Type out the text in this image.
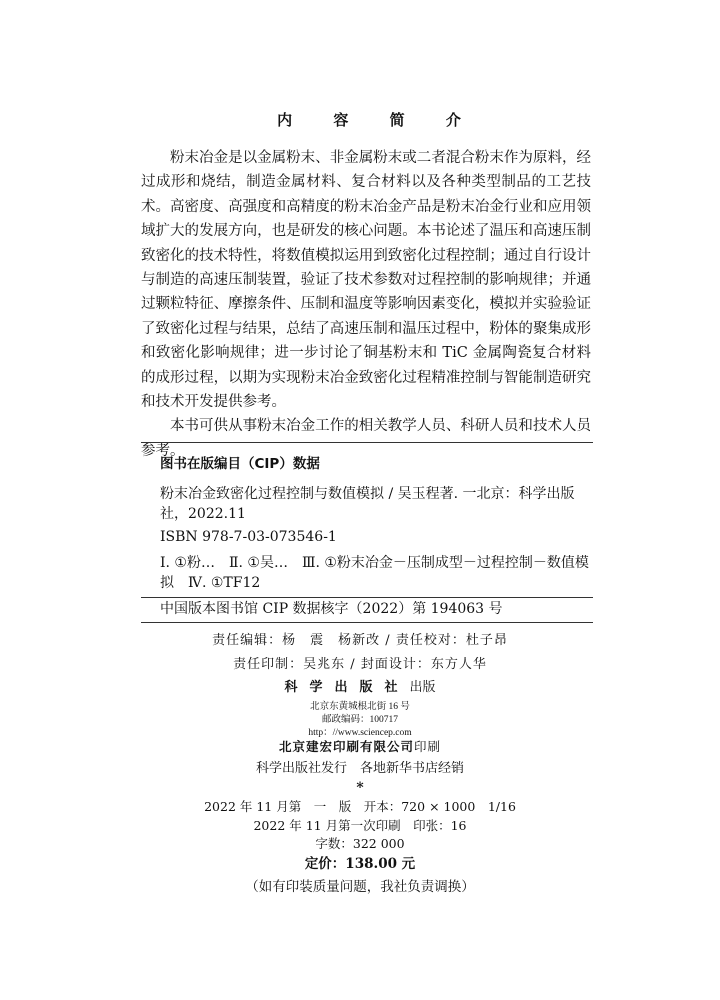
内 容 简 介

粉末冶金是以金属粉末、非金属粉末或二者混合粉末作为原料，经过成形和烧结，制造金属材料、复合材料以及各种类型制品的工艺技术。高密度、高强度和高精度的粉末冶金产品是粉末冶金行业和应用领域扩大的发展方向，也是研发的核心问题。本书论述了温压和高速压制致密化的技术特性，将数值模拟运用到致密化过程控制；通过自行设计与制造的高速压制装置，验证了技术参数对过程控制的影响规律；并通过颗粒特征、摩擦条件、压制和温度等影响因素变化，模拟并实验验证了致密化过程与结果，总结了高速压制和温压过程中，粉体的聚集成形和致密化影响规律；进一步讨论了铜基粉末和 TiC 金属陶瓷复合材料的成形过程，以期为实现粉末冶金致密化过程精准控制与智能制造研究和技术开发提供参考。

本书可供从事粉末冶金工作的相关教学人员、科研人员和技术人员参考。

图书在版编目（CIP）数据
粉末冶金致密化过程控制与数值模拟 / 吴玉程著. 一北京：科学出版社，2022.11
ISBN 978-7-03-073546-1
Ⅰ. ①粉…　Ⅱ. ①吴…　Ⅲ. ①粉末冶金－压制成型－过程控制－数值模拟　Ⅳ. ①TF12
中国版本图书馆 CIP 数据核字（2022）第 194063 号
责任编辑：杨　震　杨新改 / 责任校对：杜子昂
责任印制：吴兆东 / 封面设计：东方人华
科学出版社出版
北京东黄城根北街 16 号
邮政编码：100717
http：//www.sciencep.com
北京建宏印刷有限公司印刷
科学出版社发行　各地新华书店经销
*
2022 年 11 月第　一　版　开本：720 × 1000　1/16
2022 年 11 月第一次印刷　印张：16
字数：322 000
定价：138.00 元
（如有印装质量问题，我社负责调换）
